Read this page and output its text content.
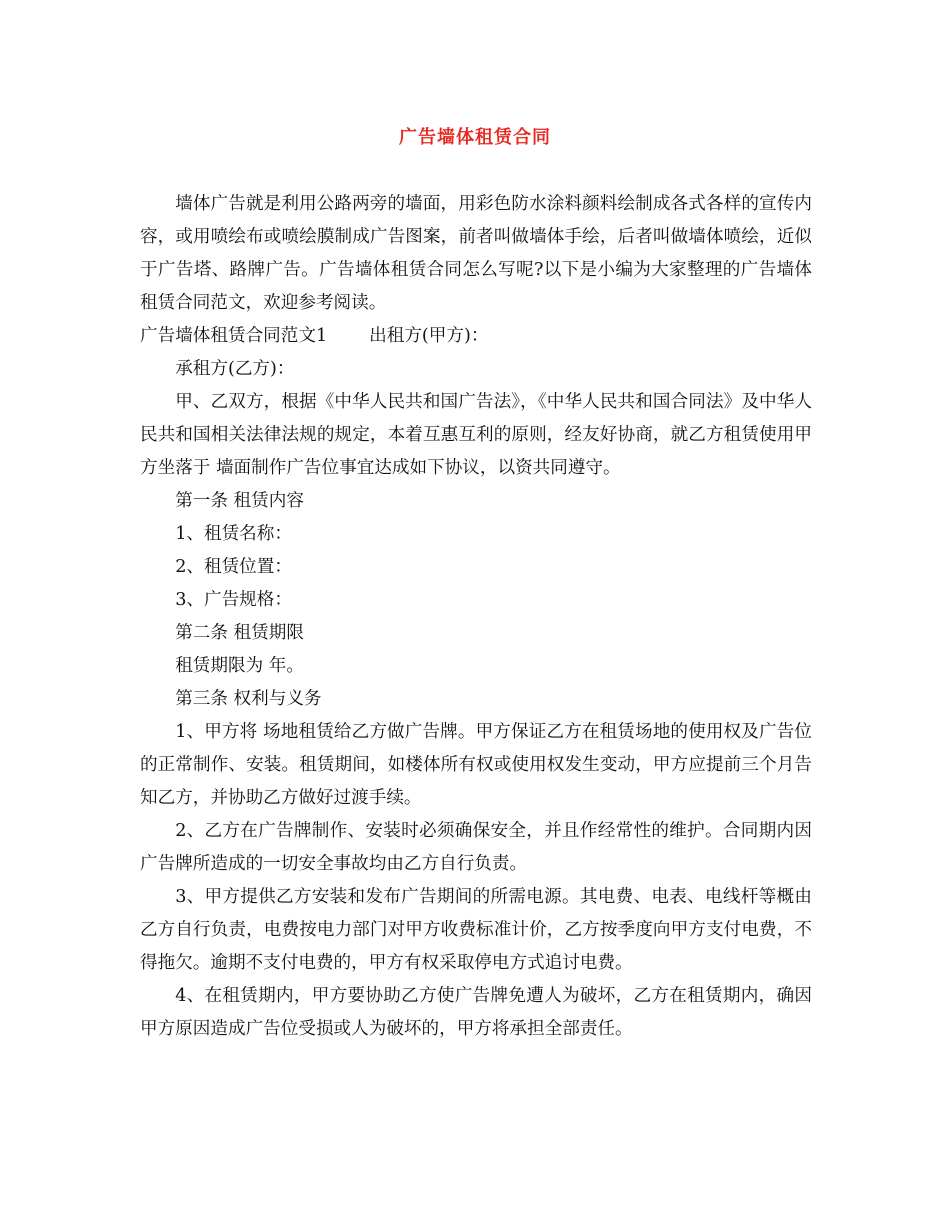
广告墙体租赁合同

墙体广告就是利用公路两旁的墙面，用彩色防水涂料颜料绘制成各式各样的宣传内容，或用喷绘布或喷绘膜制成广告图案，前者叫做墙体手绘，后者叫做墙体喷绘，近似于广告塔、路牌广告。广告墙体租赁合同怎么写呢?以下是小编为大家整理的广告墙体租赁合同范文，欢迎参考阅读。

广告墙体租赁合同范文1 出租方(甲方)：

承租方(乙方)：

甲、乙双方，根据《中华人民共和国广告法》，《中华人民共和国合同法》及中华人民共和国相关法律法规的规定，本着互惠互利的原则，经友好协商，就乙方租赁使用甲方坐落于 墙面制作广告位事宜达成如下协议，以资共同遵守。

第一条 租赁内容

1、租赁名称：

2、租赁位置：

3、广告规格：

第二条 租赁期限

租赁期限为 年。

第三条 权利与义务

1、甲方将 场地租赁给乙方做广告牌。甲方保证乙方在租赁场地的使用权及广告位的正常制作、安装。租赁期间，如楼体所有权或使用权发生变动，甲方应提前三个月告知乙方，并协助乙方做好过渡手续。

2、乙方在广告牌制作、安装时必须确保安全，并且作经常性的维护。合同期内因广告牌所造成的一切安全事故均由乙方自行负责。

3、甲方提供乙方安装和发布广告期间的所需电源。其电费、电表、电线杆等概由乙方自行负责，电费按电力部门对甲方收费标准计价，乙方按季度向甲方支付电费，不得拖欠。逾期不支付电费的，甲方有权采取停电方式追讨电费。

4、在租赁期内，甲方要协助乙方使广告牌免遭人为破坏，乙方在租赁期内，确因甲方原因造成广告位受损或人为破坏的，甲方将承担全部责任。
